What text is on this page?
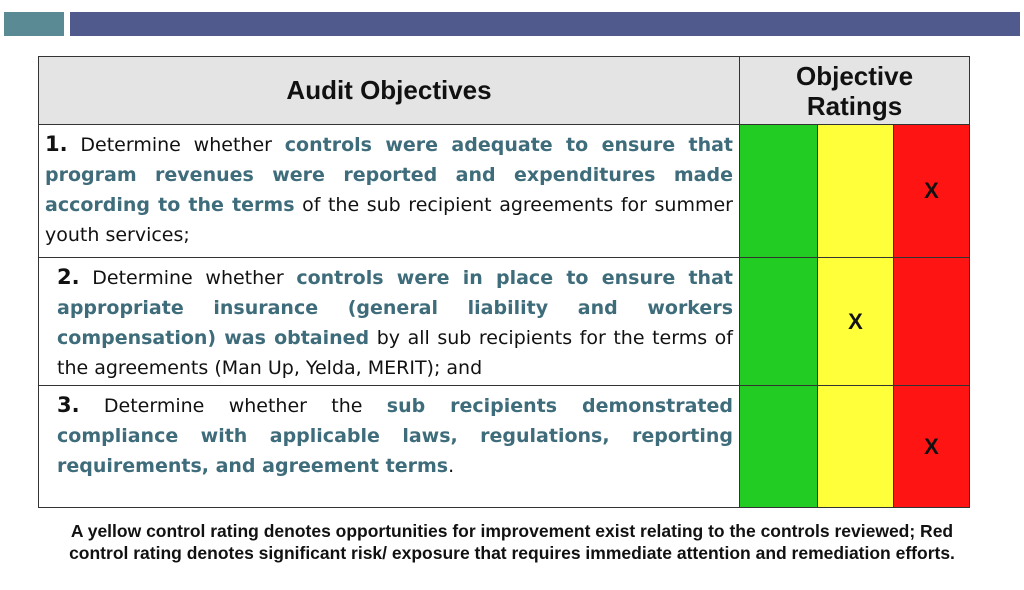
Audit Objectives	Objective
Ratings		

1. Determine whether controls were adequate to ensure that program revenues were reported and expenditures made according to the terms of the sub recipient agreements for summer youth services;			X
2. Determine whether controls were in place to ensure that appropriate insurance (general liability and workers compensation) was obtained by all sub recipients for the terms of the agreements (Man Up, Yelda, MERIT); and		X	
3. Determine whether the sub recipients demonstrated compliance with applicable laws, regulations, reporting requirements, and agreement terms.			X
A yellow control rating denotes opportunities for improvement exist relating to the controls reviewed; Red control rating denotes significant risk/ exposure that requires immediate attention and remediation efforts.
